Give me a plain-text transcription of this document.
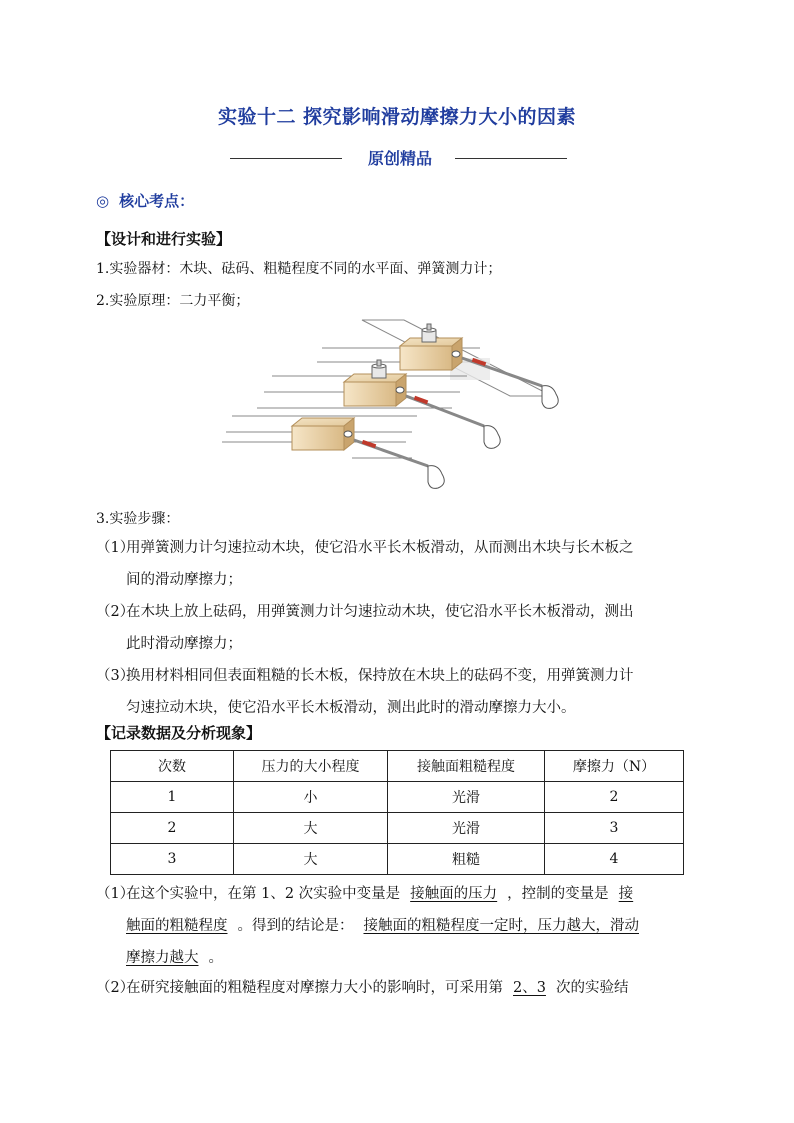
实验十二 探究影响滑动摩擦力大小的因素
原创精品
◎ 核心考点：
【设计和进行实验】
1.实验器材：木块、砝码、粗糙程度不同的水平面、弹簧测力计；
2.实验原理：二力平衡；
3.实验步骤：
（1）用弹簧测力计匀速拉动木块，使它沿水平长木板滑动，从而测出木块与长木板之
间的滑动摩擦力；
（2）在木块上放上砝码，用弹簧测力计匀速拉动木块，使它沿水平长木板滑动，测出
此时滑动摩擦力；
（3）换用材料相同但表面粗糙的长木板，保持放在木块上的砝码不变，用弹簧测力计
匀速拉动木块，使它沿水平长木板滑动，测出此时的滑动摩擦力大小。
【记录数据及分析现象】
次数	压力的大小程度	接触面粗糙程度	摩擦力（N）
1	小	光滑	2
2	大	光滑	3
3	大	粗糙	4
（1）在这个实验中，在第 1、2 次实验中变量是 接触面的压力 ，控制的变量是 接
触面的粗糙程度 。得到的结论是： 接触面的粗糙程度一定时，压力越大，滑动
摩擦力越大 。
（2）在研究接触面的粗糙程度对摩擦力大小的影响时，可采用第 2、3 次的实验结
